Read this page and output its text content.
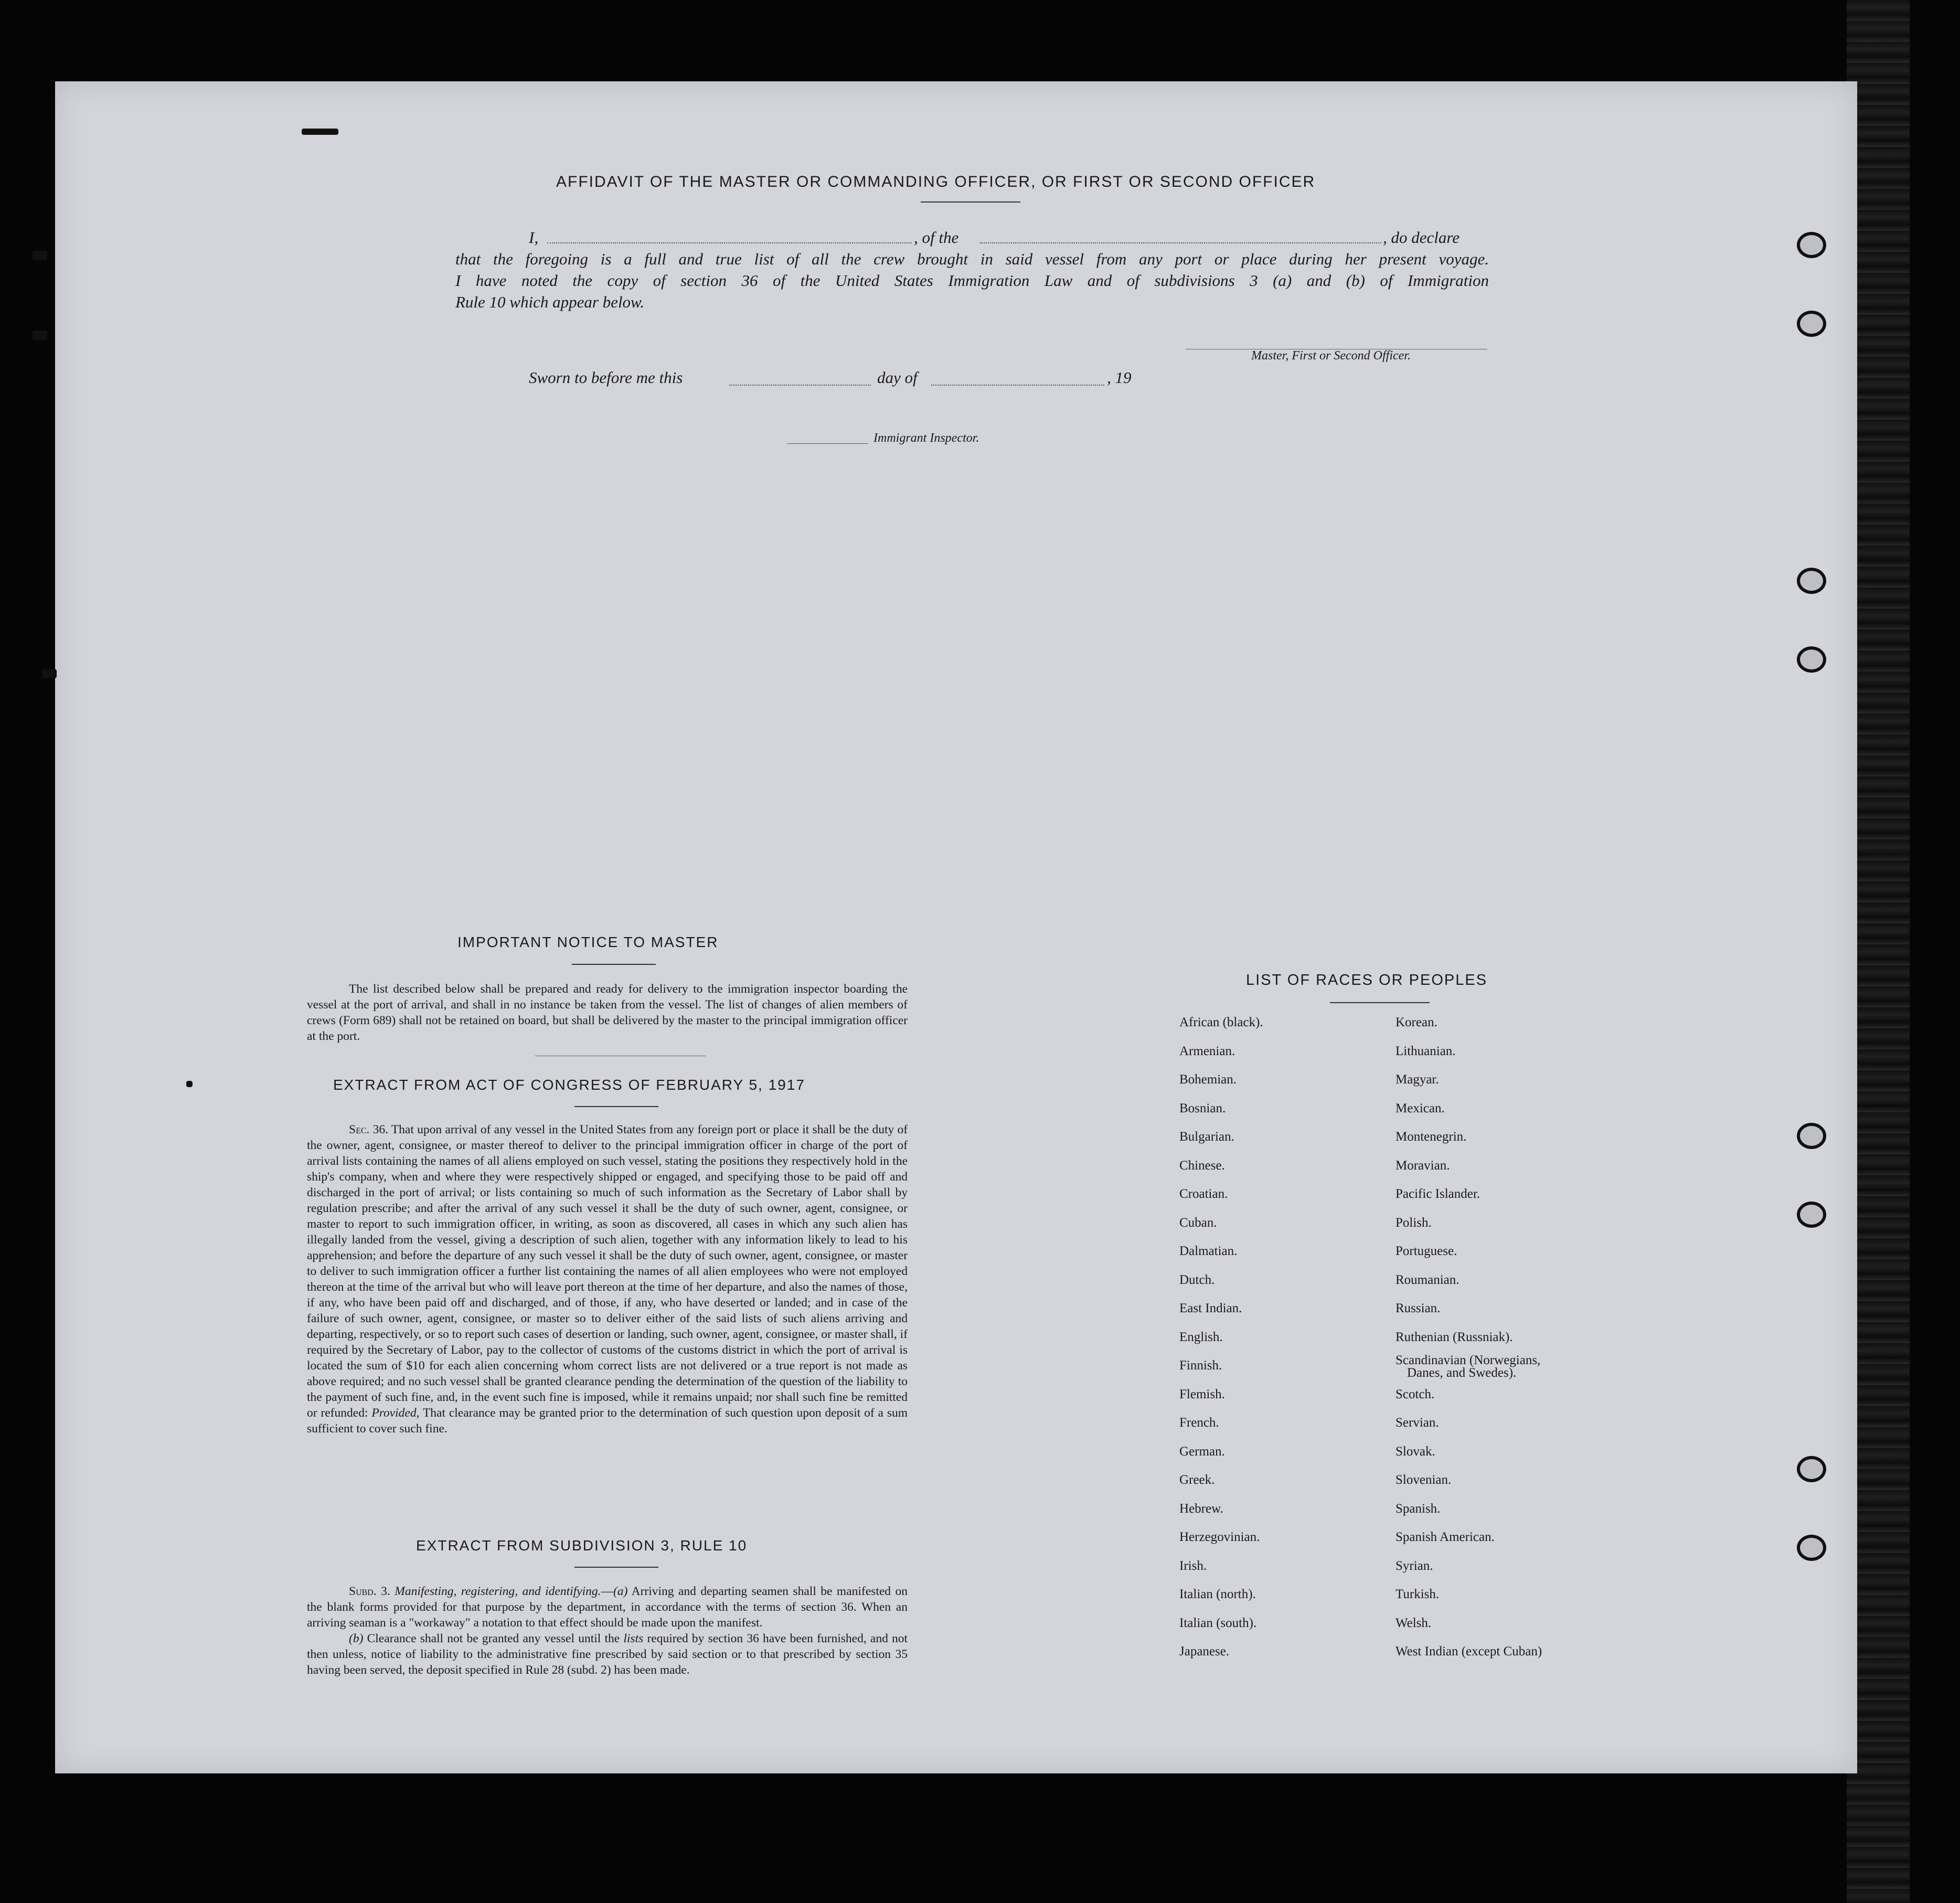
AFFIDAVIT OF THE MASTER OR COMMANDING OFFICER, OR FIRST OR SECOND OFFICER
I,	, of the	, do declare
that the foregoing is a full and true list of all the crew brought in said vessel from any port or place during her present voyage.
I have noted the copy of section 36 of the United States Immigration Law and of subdivisions 3 (a) and (b) of Immigration
Rule 10 which appear below.
Master, First or Second Officer.
Sworn to before me this	day of	, 19
Immigrant Inspector.
IMPORTANT NOTICE TO MASTER

The list described below shall be prepared and ready for delivery to the immigration inspector boarding the vessel at the port of arrival, and shall in no instance be taken from the vessel. The list of changes of alien members of crews (Form 689) shall not be retained on board, but shall be delivered by the master to the principal immigration officer at the port.

EXTRACT FROM ACT OF CONGRESS OF FEBRUARY 5, 1917

Sec. 36. That upon arrival of any vessel in the United States from any foreign port or place it shall be the duty of the owner, agent, consignee, or master thereof to deliver to the principal immigration officer in charge of the port of arrival lists containing the names of all aliens employed on such vessel, stating the positions they respectively hold in the ship's company, when and where they were respectively shipped or engaged, and specifying those to be paid off and discharged in the port of arrival; or lists containing so much of such information as the Secretary of Labor shall by regulation prescribe; and after the arrival of any such vessel it shall be the duty of such owner, agent, consignee, or master to report to such immigration officer, in writing, as soon as discovered, all cases in which any such alien has illegally landed from the vessel, giving a description of such alien, together with any information likely to lead to his apprehension; and before the departure of any such vessel it shall be the duty of such owner, agent, consignee, or master to deliver to such immigration officer a further list containing the names of all alien employees who were not employed thereon at the time of the arrival but who will leave port thereon at the time of her departure, and also the names of those, if any, who have been paid off and discharged, and of those, if any, who have deserted or landed; and in case of the failure of such owner, agent, consignee, or master so to deliver either of the said lists of such aliens arriving and departing, respectively, or so to report such cases of desertion or landing, such owner, agent, consignee, or master shall, if required by the Secretary of Labor, pay to the collector of customs of the customs district in which the port of arrival is located the sum of $10 for each alien concerning whom correct lists are not delivered or a true report is not made as above required; and no such vessel shall be granted clearance pending the determination of the question of the liability to the payment of such fine, and, in the event such fine is imposed, while it remains unpaid; nor shall such fine be remitted or refunded: Provided, That clearance may be granted prior to the determination of such question upon deposit of a sum sufficient to cover such fine.

EXTRACT FROM SUBDIVISION 3, RULE 10

Subd. 3. Manifesting, registering, and identifying.—(a) Arriving and departing seamen shall be manifested on the blank forms provided for that purpose by the department, in accordance with the terms of section 36. When an arriving seaman is a "workaway" a notation to that effect should be made upon the manifest.

(b) Clearance shall not be granted any vessel until the lists required by section 36 have been furnished, and not then unless, notice of liability to the administrative fine prescribed by said section or to that prescribed by section 35 having been served, the deposit specified in Rule 28 (subd. 2) has been made.

LIST OF RACES OR PEOPLES
African (black).
Armenian.
Bohemian.
Bosnian.
Bulgarian.
Chinese.
Croatian.
Cuban.
Dalmatian.
Dutch.
East Indian.
English.
Finnish.
Flemish.
French.
German.
Greek.
Hebrew.
Herzegovinian.
Irish.
Italian (north).
Italian (south).
Japanese.
Korean.
Lithuanian.
Magyar.
Mexican.
Montenegrin.
Moravian.
Pacific Islander.
Polish.
Portuguese.
Roumanian.
Russian.
Ruthenian (Russniak).
Scandinavian (Norwegians,
Danes, and Swedes).
Scotch.
Servian.
Slovak.
Slovenian.
Spanish.
Spanish American.
Syrian.
Turkish.
Welsh.
West Indian (except Cuban)
